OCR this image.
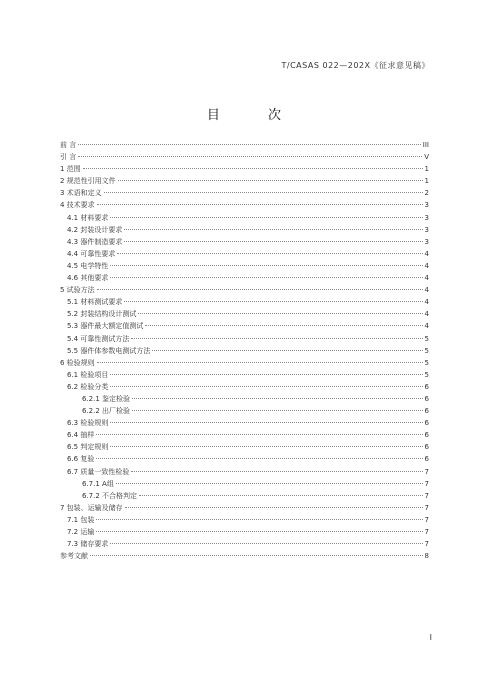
T/CASAS 022—202X《征求意见稿》
目 次
前 言	III
引 言	V
1 范围	1
2 规范性引用文件	1
3 术语和定义	2
4 技术要求	3
4.1 材料要求	3
4.2 封装设计要求	3
4.3 器件制造要求	3
4.4 可靠性要求	4
4.5 电学特性	4
4.6 其他要求	4
5 试验方法	4
5.1 材料测试要求	4
5.2 封装结构设计测试	4
5.3 器件最大额定值测试	4
5.4 可靠性测试方法	5
5.5 器件体参数电测试方法	5
6 检验规则	5
6.1 检验项目	5
6.2 检验分类	6
6.2.1 鉴定检验	6
6.2.2 出厂检验	6
6.3 检验规则	6
6.4 抽样	6
6.5 判定规则	6
6.6 复验	6
6.7 质量一致性检验	7
6.7.1 A组	7
6.7.2 不合格判定	7
7 包装、运输及储存	7
7.1 包装	7
7.2 运输	7
7.3 储存要求	7
参考文献	8
I
